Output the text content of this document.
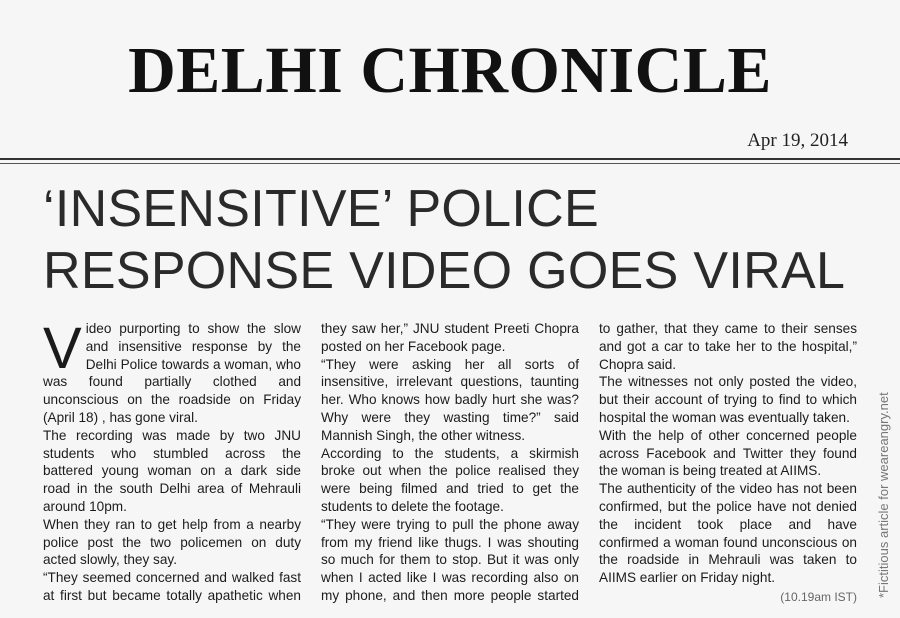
DELHI CHRONICLE
Apr 19, 2014
‘INSENSITIVE’ POLICE RESPONSE VIDEO GOES VIRAL

Video purporting to show the slow and insensitive response by the Delhi Police towards a woman, who was found partially clothed and unconscious on the roadside on Friday (April 18) , has gone viral.

The recording was made by two JNU students who stumbled across the battered young woman on a dark side road in the south Delhi area of Mehrauli around 10pm.

When they ran to get help from a nearby police post the two policemen on duty acted slowly, they say.

“They seemed concerned and walked fast at first but became totally apathetic when they saw her,” JNU student Preeti Chopra posted on her Facebook page.

“They were asking her all sorts of insensitive, irrelevant questions, taunting her. Who knows how badly hurt she was? Why were they wasting time?” said Mannish Singh, the other witness.

According to the students, a skirmish broke out when the police realised they were being filmed and tried to get the students to delete the footage.

“They were trying to pull the phone away from my friend like thugs. I was shouting so much for them to stop. But it was only when I acted like I was recording also on my phone, and then more people started to gather, that they came to their senses and got a car to take her to the hospital,” Chopra said.

The witnesses not only posted the video, but their account of trying to find to which hospital the woman was eventually taken.

With the help of other concerned people across Facebook and Twitter they found the woman is being treated at AIIMS.

The authenticity of the video has not been confirmed, but the police have not denied the incident took place and have confirmed a woman found unconscious on the roadside in Mehrauli was taken to AIIMS earlier on Friday night.

(10.19am IST) *Fictitious article for weareangry.net
